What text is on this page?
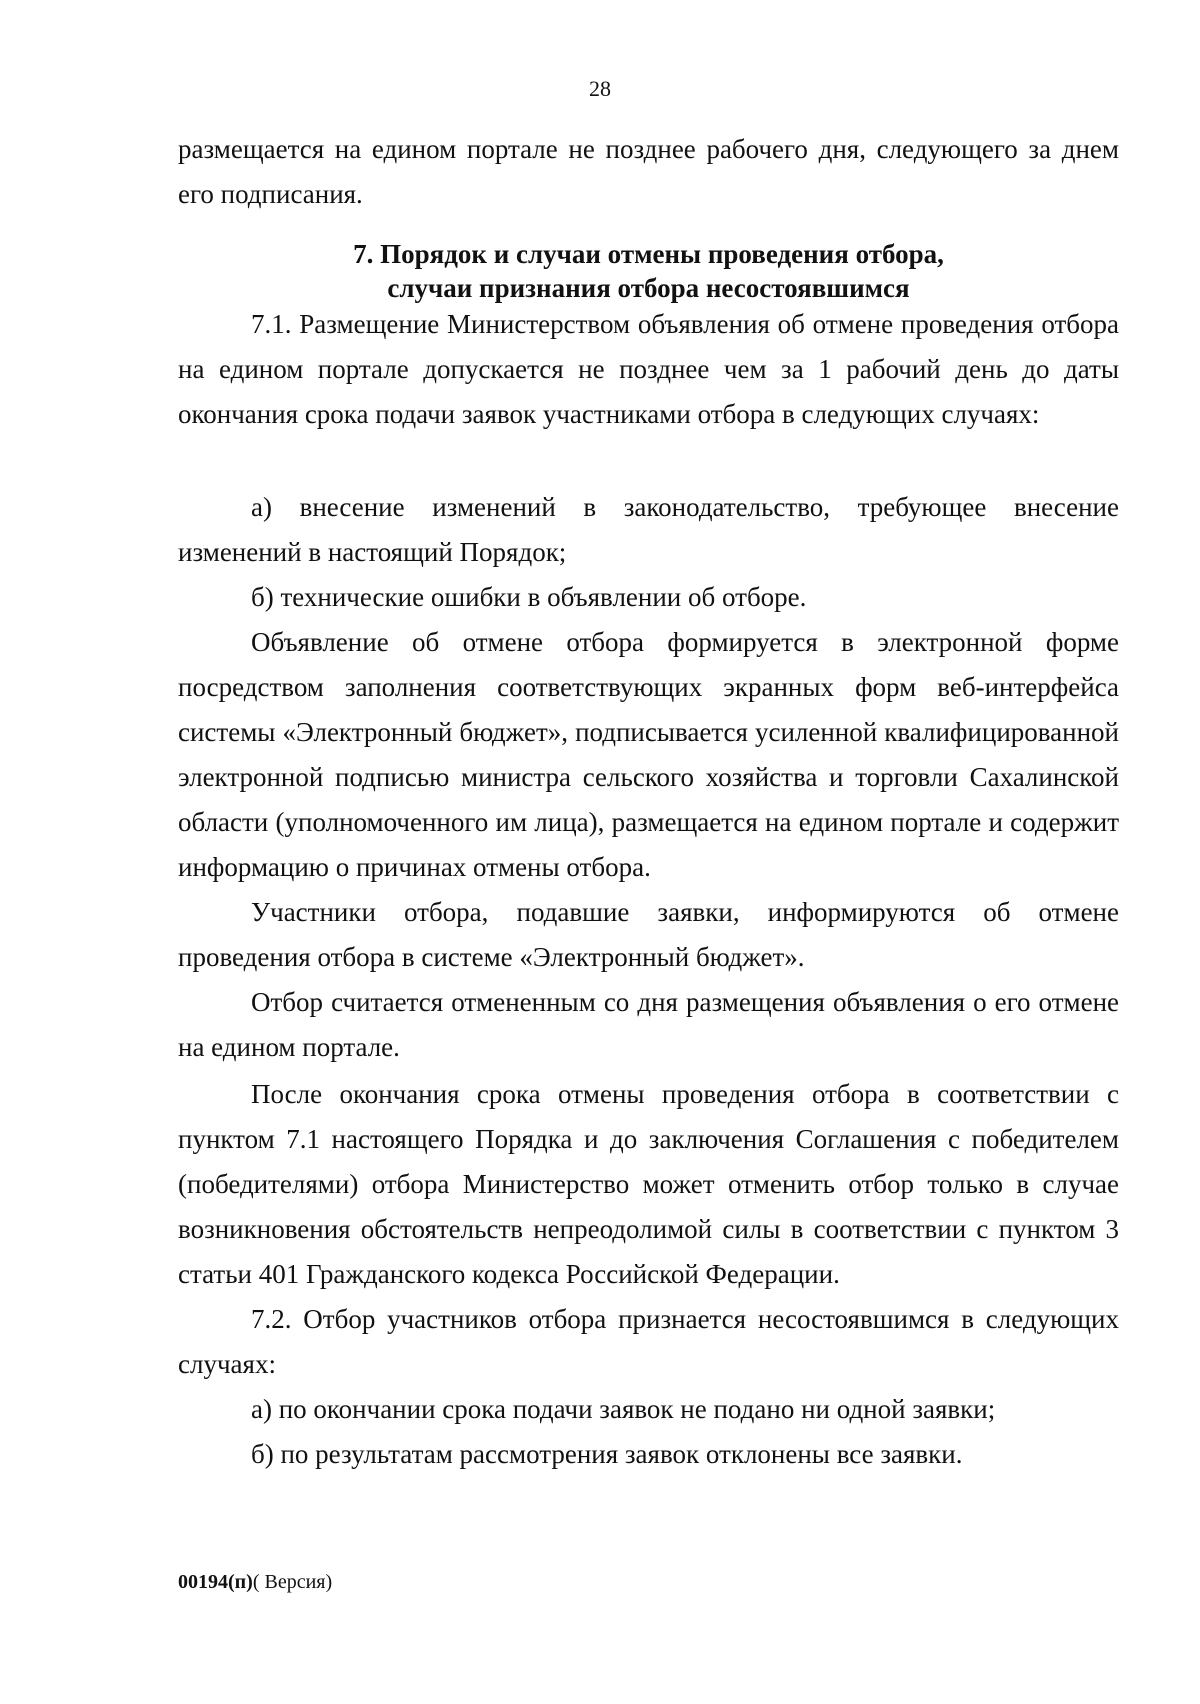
28

размещается на едином портале не позднее рабочего дня, следующего за днем его подписания.

7. Порядок и случаи отмены проведения отбора,
случаи признания отбора несостоявшимся

7.1. Размещение Министерством объявления об отмене проведения отбора на едином портале допускается не позднее чем за 1 рабочий день до даты окончания срока подачи заявок участниками отбора в следующих случаях:

а) внесение изменений в законодательство, требующее внесение изменений в настоящий Порядок;

б) технические ошибки в объявлении об отборе.

Объявление об отмене отбора формируется в электронной форме посредством заполнения соответствующих экранных форм веб-интерфейса системы «Электронный бюджет», подписывается усиленной квалифицированной электронной подписью министра сельского хозяйства и торговли Сахалинской области (уполномоченного им лица), размещается на едином портале и содержит информацию о причинах отмены отбора.

Участники отбора, подавшие заявки, информируются об отмене проведения отбора в системе «Электронный бюджет».

Отбор считается отмененным со дня размещения объявления о его отмене на едином портале.

После окончания срока отмены проведения отбора в соответствии с пунктом 7.1 настоящего Порядка и до заключения Соглашения с победителем (победителями) отбора Министерство может отменить отбор только в случае возникновения обстоятельств непреодолимой силы в соответствии с пунктом 3 статьи 401 Гражданского кодекса Российской Федерации.

7.2. Отбор участников отбора признается несостоявшимся в следующих случаях:

а) по окончании срока подачи заявок не подано ни одной заявки;

б) по результатам рассмотрения заявок отклонены все заявки.

00194(п)( Версия)
